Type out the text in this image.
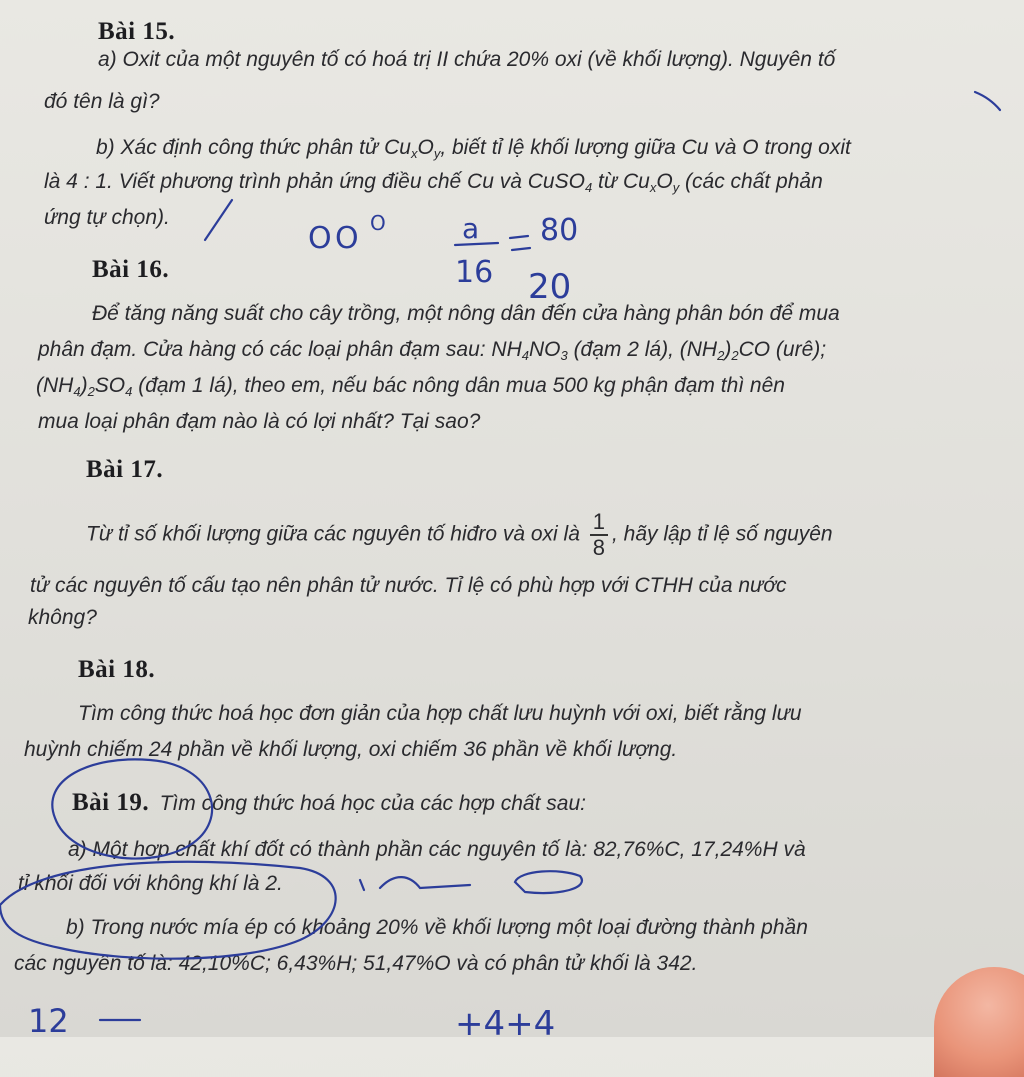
Bài 15.
a) Oxit của một nguyên tố có hoá trị II chứa 20% oxi (về khối lượng). Nguyên tố
đó tên là gì?
b) Xác định công thức phân tử $Cu_xO_y$, biết tỉ lệ khối lượng giữa Cu và O trong oxit
là 4 : 1. Viết phương trình phản ứng điều chế Cu và CuSO$_4$ từ $Cu_xO_y$ (các chất phản
ứng tự chọn).
Bài 16.
Để tăng năng suất cho cây trồng, một nông dân đến cửa hàng phân bón để mua
phân đạm. Cửa hàng có các loại phân đạm sau: $NH_4NO_3$ (đạm 2 lá), $(NH_2)_2CO$ (urê);
$(NH_4)_2SO_4$ (đạm 1 lá), theo em, nếu bác nông dân mua 500 kg phận đạm thì nên
mua loại phân đạm nào là có lợi nhất? Tại sao?
Bài 17.
Từ tỉ số khối lượng giữa các nguyên tố hiđro và oxi là $\frac{1}{8}$ , hãy lập tỉ lệ số nguyên
tử các nguyên tố cấu tạo nên phân tử nước. Tỉ lệ có phù hợp với CTHH của nước
không?
Bài 18.
Tìm công thức hoá học đơn giản của hợp chất lưu huỳnh với oxi, biết rằng lưu
huỳnh chiếm 24 phần về khối lượng, oxi chiếm 36 phần về khối lượng.
Bài 19. Tìm công thức hoá học của các hợp chất sau:
a) Một hợp chất khí đốt có thành phần các nguyên tố là: 82,76%C, 17,24%H và
tỉ khối đối với không khí là 2.
b) Trong nước mía ép có khoảng 20% về khối lượng một loại đường thành phần
các nguyên tố là: 42,10%C; 6,43%H; 51,47%O và có phân tử khối là 342.
O O O	a 80
16 20
12	+4+4
